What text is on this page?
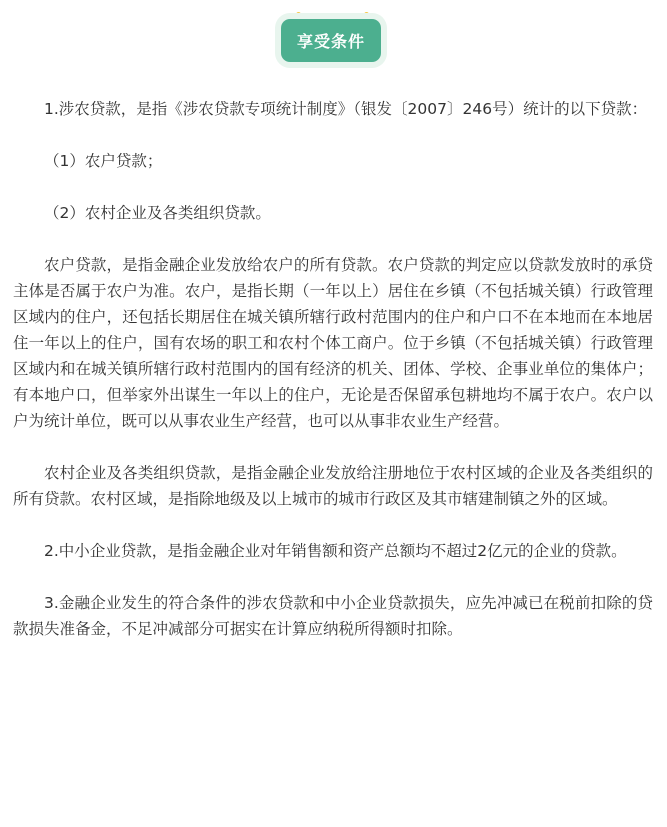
享受条件

1.涉农贷款，是指《涉农贷款专项统计制度》（银发〔2007〕246号）统计的以下贷款：

（1）农户贷款；

（2）农村企业及各类组织贷款。

农户贷款，是指金融企业发放给农户的所有贷款。农户贷款的判定应以贷款发放时的承贷主体是否属于农户为准。农户，是指长期（一年以上）居住在乡镇（不包括城关镇）行政管理区域内的住户，还包括长期居住在城关镇所辖行政村范围内的住户和户口不在本地而在本地居住一年以上的住户，国有农场的职工和农村个体工商户。位于乡镇（不包括城关镇）行政管理区域内和在城关镇所辖行政村范围内的国有经济的机关、团体、学校、企事业单位的集体户；有本地户口，但举家外出谋生一年以上的住户，无论是否保留承包耕地均不属于农户。农户以户为统计单位，既可以从事农业生产经营，也可以从事非农业生产经营。

农村企业及各类组织贷款，是指金融企业发放给注册地位于农村区域的企业及各类组织的所有贷款。农村区域，是指除地级及以上城市的城市行政区及其市辖建制镇之外的区域。

2.中小企业贷款，是指金融企业对年销售额和资产总额均不超过2亿元的企业的贷款。

3.金融企业发生的符合条件的涉农贷款和中小企业贷款损失，应先冲减已在税前扣除的贷款损失准备金，不足冲减部分可据实在计算应纳税所得额时扣除。
